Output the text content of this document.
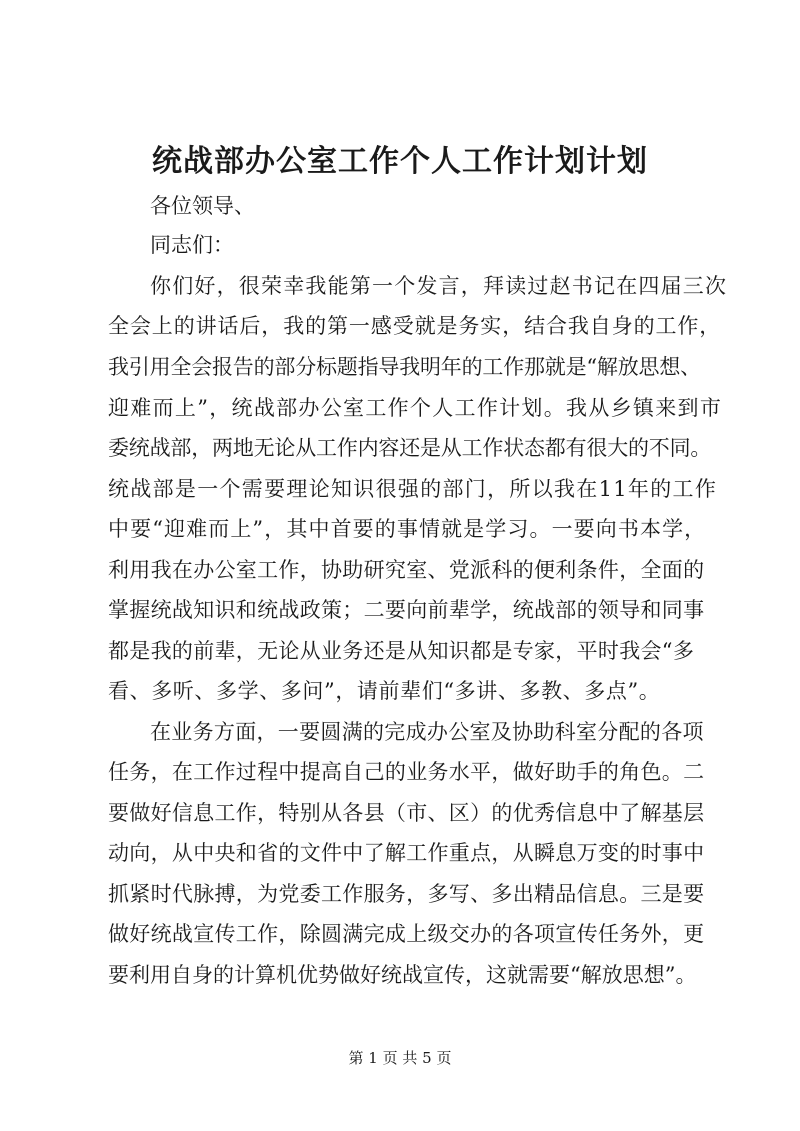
统战部办公室工作个人工作计划计划
各位领导、
同志们：
你们好，很荣幸我能第一个发言，拜读过赵书记在四届三次
全会上的讲话后，我的第一感受就是务实，结合我自身的工作，
我引用全会报告的部分标题指导我明年的工作那就是“解放思想、
迎难而上”，统战部办公室工作个人工作计划。我从乡镇来到市
委统战部，两地无论从工作内容还是从工作状态都有很大的不同。
统战部是一个需要理论知识很强的部门，所以我在11年的工作
中要“迎难而上”，其中首要的事情就是学习。一要向书本学，
利用我在办公室工作，协助研究室、党派科的便利条件，全面的
掌握统战知识和统战政策；二要向前辈学，统战部的领导和同事
都是我的前辈，无论从业务还是从知识都是专家，平时我会“多
看、多听、多学、多问”，请前辈们“多讲、多教、多点”。
在业务方面，一要圆满的完成办公室及协助科室分配的各项
任务，在工作过程中提高自己的业务水平，做好助手的角色。二
要做好信息工作，特别从各县（市、区）的优秀信息中了解基层
动向，从中央和省的文件中了解工作重点，从瞬息万变的时事中
抓紧时代脉搏，为党委工作服务，多写、多出精品信息。三是要
做好统战宣传工作，除圆满完成上级交办的各项宣传任务外，更
要利用自身的计算机优势做好统战宣传，这就需要“解放思想”。
第 1 页 共 5 页
